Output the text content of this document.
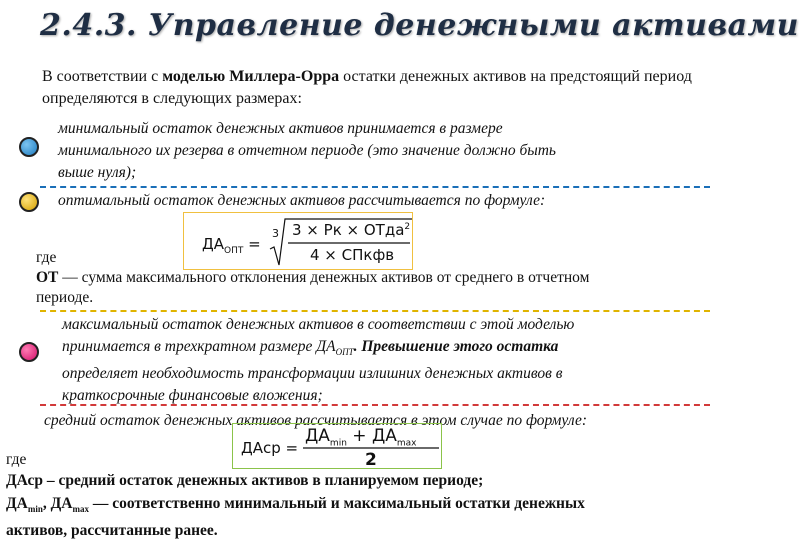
2.4.3. Управление денежными активами
В соответствии с моделью Миллера-Орра остатки денежных активов на предстоящий период определяются в следующих размерах:
минимальный остаток денежных активов принимается в размере
минимального их резерва в отчетном периоде (это значение должно быть
выше нуля);
оптимальный остаток денежных активов рассчитывается по формуле:
$ДА_{ОПТ}$ =
3 3 × Рк × ОТда$^2$
4 × СПкфв
где
ОТ — сумма максимального отклонения денежных активов от среднего в отчетном
периоде.
максимальный остаток денежных активов в соответствии с этой моделью
принимается в трехкратном размере $ДА_{ОПТ}$. Превышение этого остатка
определяет необходимость трансформации излишних денежных активов в
краткосрочные финансовые вложения;
средний остаток денежных активов рассчитывается в этом случае по формуле:
ДАср =
$ДА_{min} + ДА_{max}$
2
где
ДАср – средний остаток денежных активов в планируемом периоде;
$ДА_{min}$, $ДА_{max}$ — соответственно минимальный и максимальный остатки денежных
активов, рассчитанные ранее.
